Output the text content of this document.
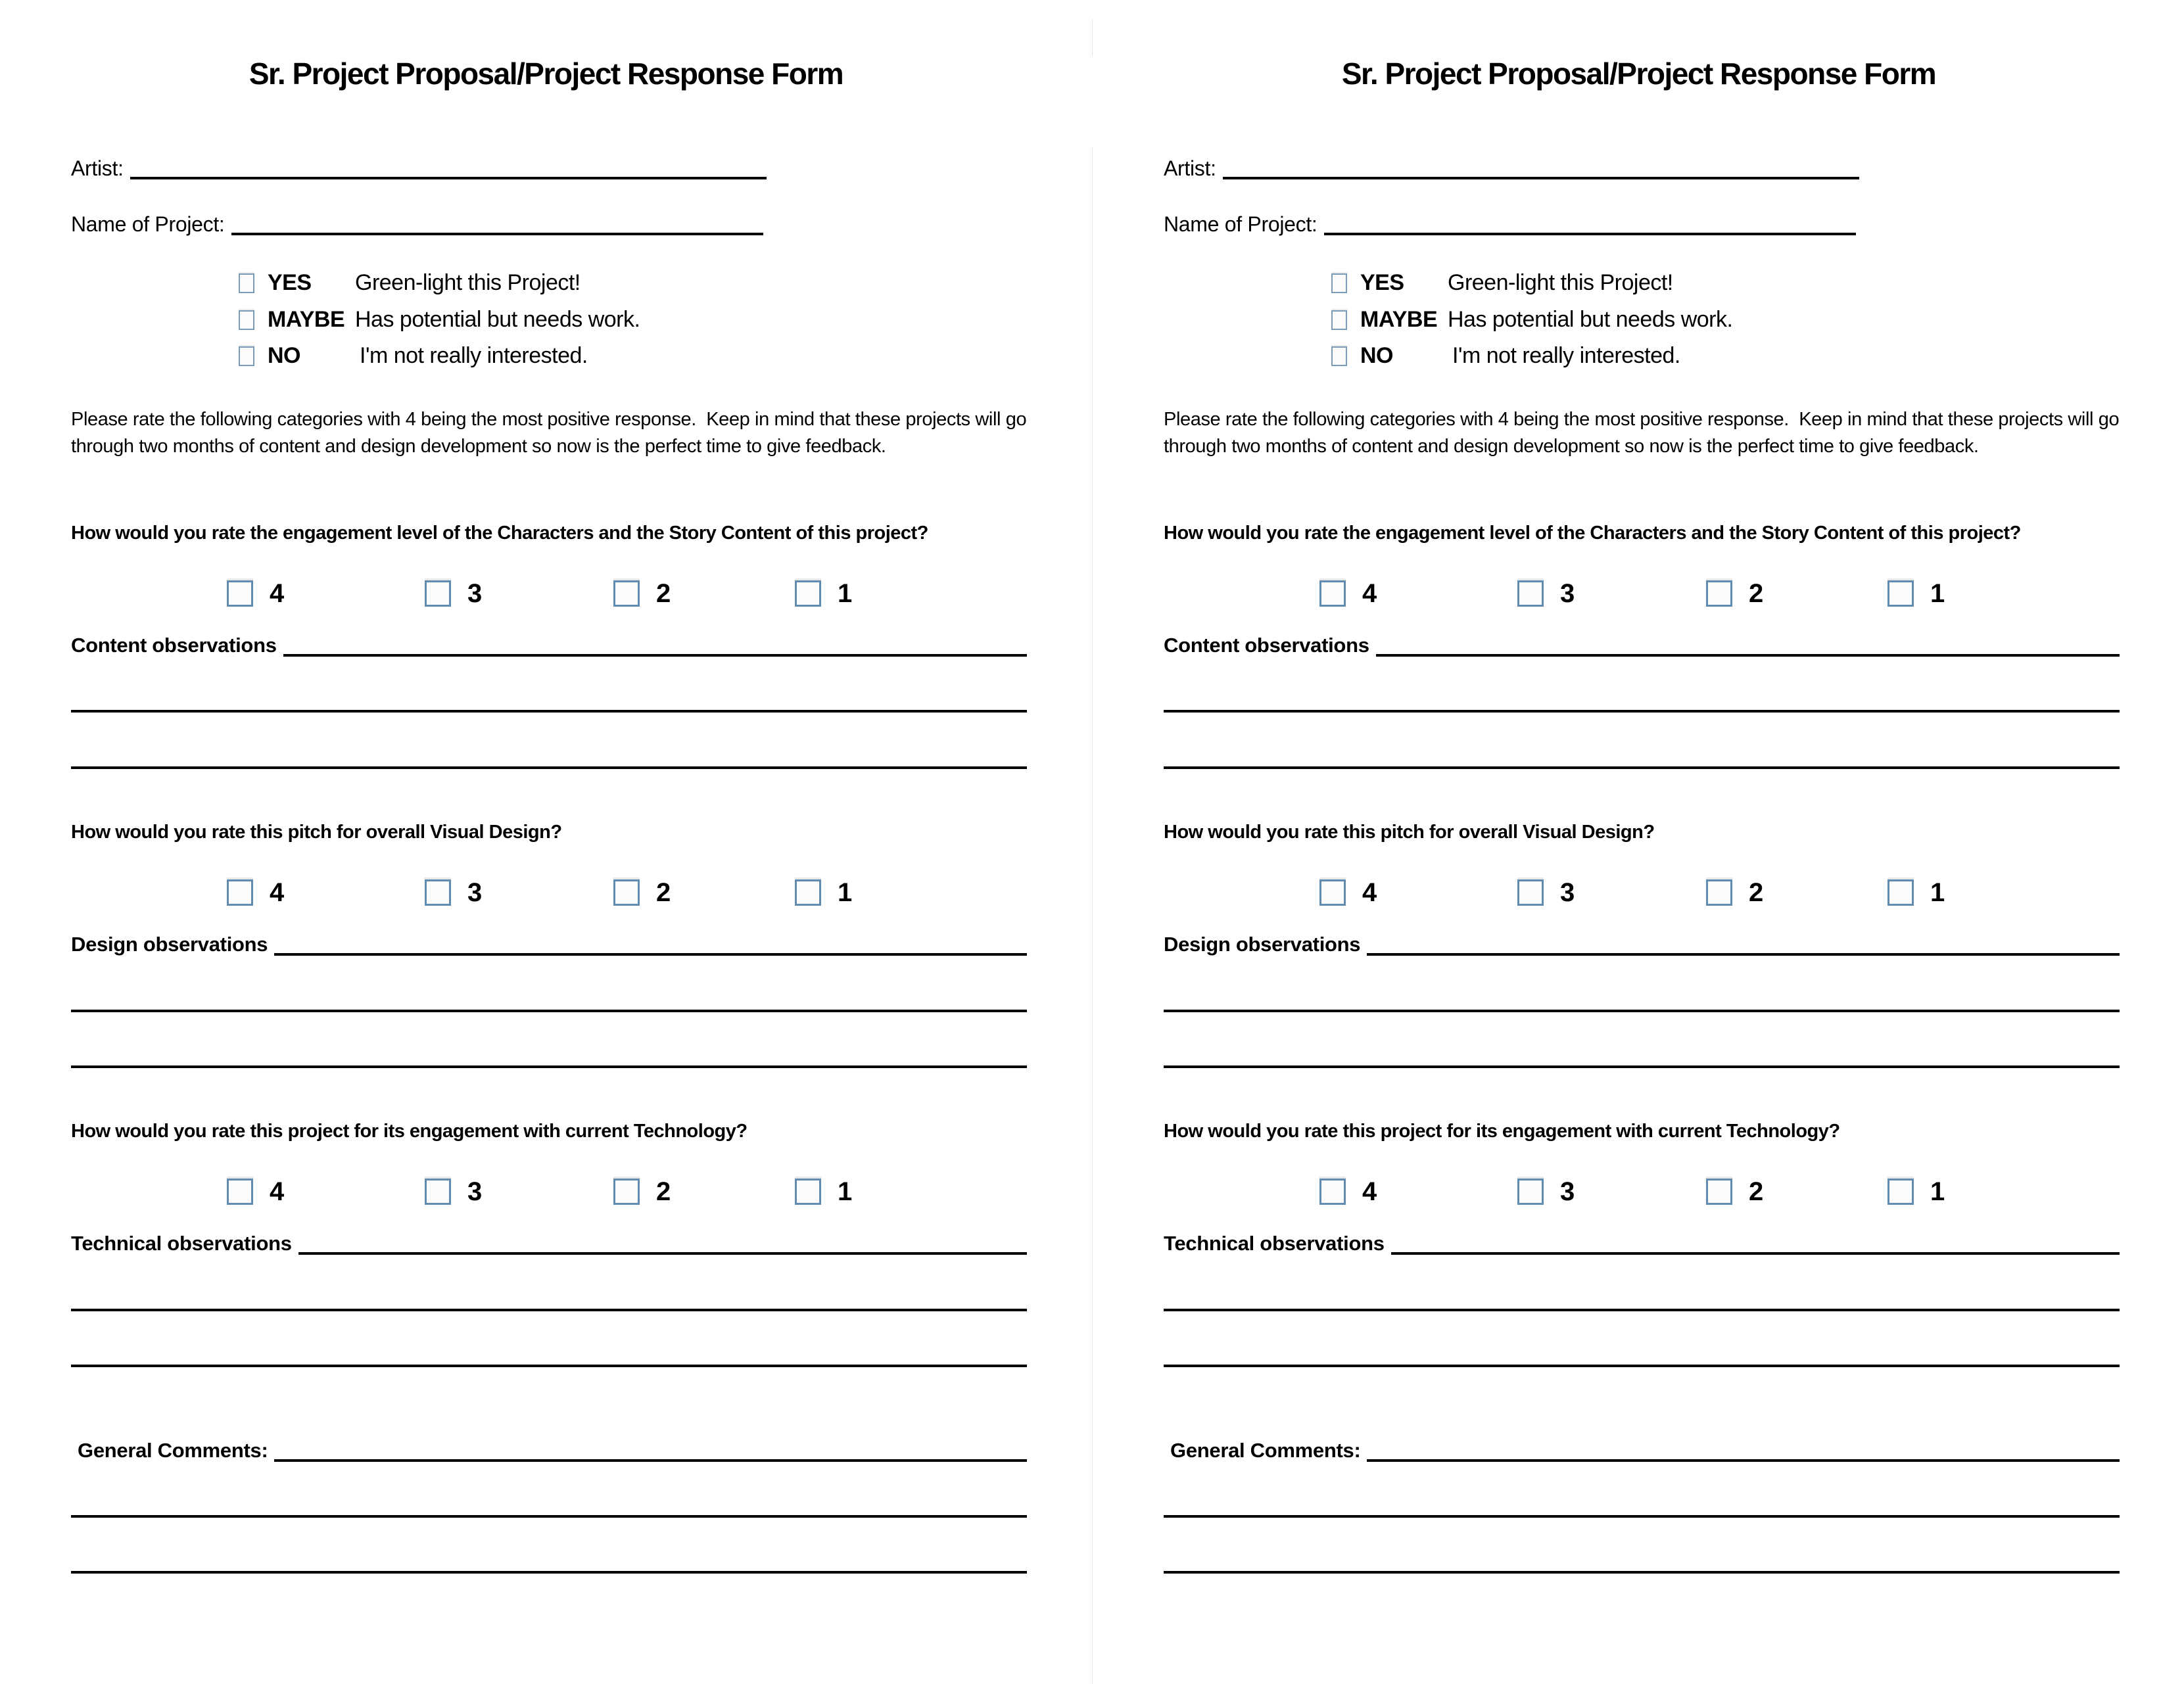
Sr. Project Proposal/Project Response Form
Artist:
Name of Project:
YES Green-light this Project!
MAYBE Has potential but needs work.
NO	I'm not really interested.
Please rate the following categories with 4 being the most positive response.  Keep in mind that these projects will go through two months of content and design development so now is the perfect time to give feedback.
How would you rate the engagement level of the Characters and the Story Content of this project?
4	3	2	1
Content observations
How would you rate this pitch for overall Visual Design?
4	3	2	1
Design observations
How would you rate this project for its engagement with current Technology?
4	3	2	1
Technical observations
General Comments:
Sr. Project Proposal/Project Response Form
Artist:
Name of Project:
YES Green-light this Project!
MAYBE Has potential but needs work.
NO	I'm not really interested.
Please rate the following categories with 4 being the most positive response.  Keep in mind that these projects will go through two months of content and design development so now is the perfect time to give feedback.
How would you rate the engagement level of the Characters and the Story Content of this project?
4	3	2	1
Content observations
How would you rate this pitch for overall Visual Design?
4	3	2	1
Design observations
How would you rate this project for its engagement with current Technology?
4	3	2	1
Technical observations
General Comments:
